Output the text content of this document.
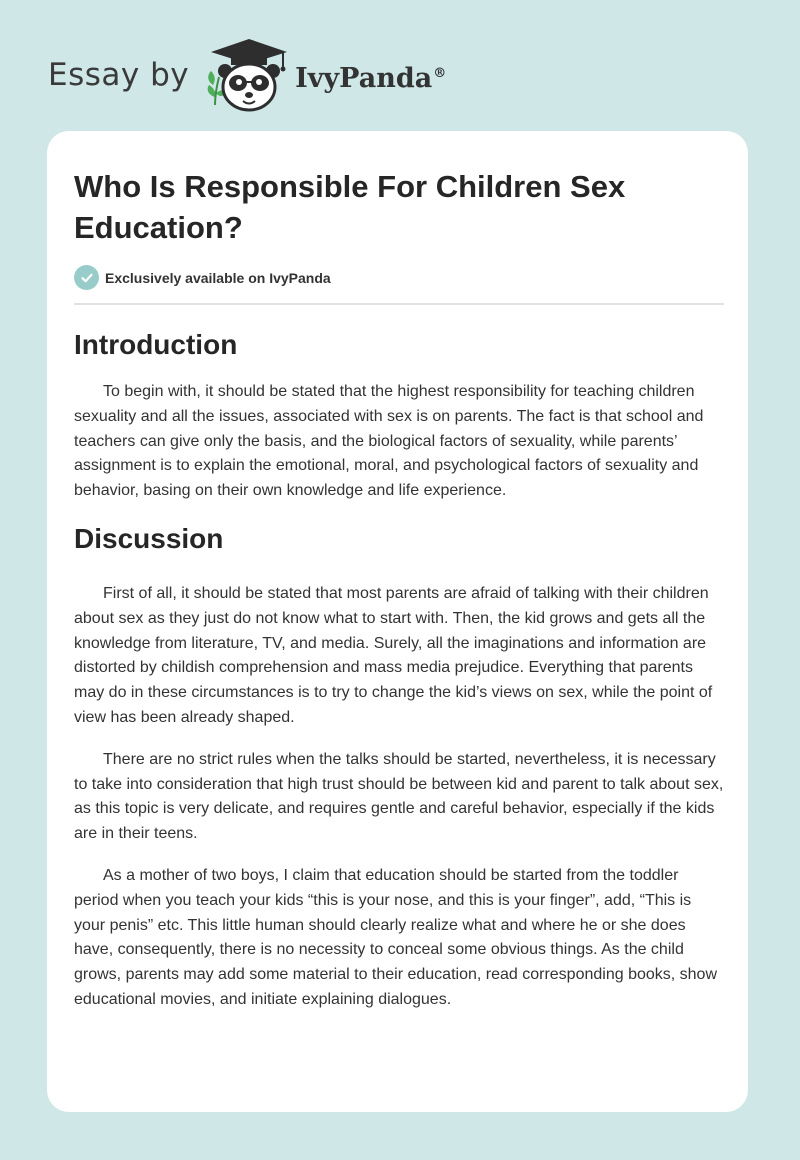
Essay by	IvyPanda®
Who Is Responsible For Children Sex Education?
Exclusively available on IvyPanda
Introduction

To begin with, it should be stated that the highest responsibility for teaching children sexuality and all the issues, associated with sex is on parents. The fact is that school and teachers can give only the basis, and the biological factors of sexuality, while parents’ assignment is to explain the emotional, moral, and psychological factors of sexuality and behavior, basing on their own knowledge and life experience.

Discussion

First of all, it should be stated that most parents are afraid of talking with their children about sex as they just do not know what to start with. Then, the kid grows and gets all the knowledge from literature, TV, and media. Surely, all the imaginations and information are distorted by childish comprehension and mass media prejudice. Everything that parents may do in these circumstances is to try to change the kid’s views on sex, while the point of view has been already shaped.

There are no strict rules when the talks should be started, nevertheless, it is necessary to take into consideration that high trust should be between kid and parent to talk about sex, as this topic is very delicate, and requires gentle and careful behavior, especially if the kids are in their teens.

As a mother of two boys, I claim that education should be started from the toddler period when you teach your kids “this is your nose, and this is your finger”, add, “This is your penis” etc. This little human should clearly realize what and where he or she does have, consequently, there is no necessity to conceal some obvious things. As the child grows, parents may add some material to their education, read corresponding books, show educational movies, and initiate explaining dialogues.
